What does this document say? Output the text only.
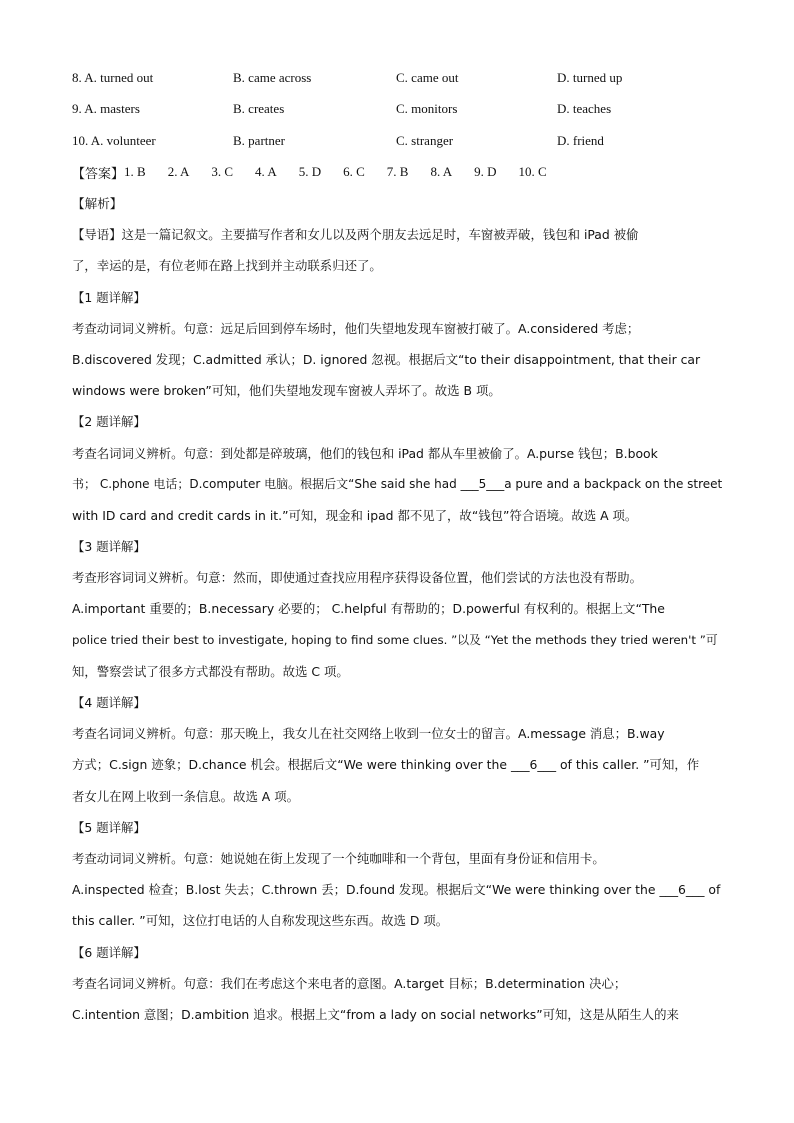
8. A. turned out	B. came across	C. came out	D. turned up
9. A. masters	B. creates	C. monitors	D. teaches
10. A. volunteer	B. partner	C. stranger	D. friend
【答案】 1. B 2. A 3. C 4. A 5. D 6. C 7. B 8. A 9. D 10. C
【解析】
【导语】这是一篇记叙文。主要描写作者和女儿以及两个朋友去远足时，车窗被弄破，钱包和 iPad 被偷
了，幸运的是，有位老师在路上找到并主动联系归还了。
【1 题详解】
考查动词词义辨析。句意：远足后回到停车场时，他们失望地发现车窗被打破了。A.considered 考虑；
B.discovered 发现；C.admitted 承认；D. ignored 忽视。根据后文“to their disappointment, that their car
windows were broken”可知，他们失望地发现车窗被人弄坏了。故选 B 项。
【2 题详解】
考查名词词义辨析。句意：到处都是碎玻璃，他们的钱包和 iPad 都从车里被偷了。A.purse 钱包；B.book
书； C.phone 电话；D.computer 电脑。根据后文“She said she had ___5___a pure and a backpack on the street
with ID card and credit cards in it.”可知，现金和 ipad 都不见了，故“钱包”符合语境。故选 A 项。
【3 题详解】
考查形容词词义辨析。句意：然而，即使通过查找应用程序获得设备位置，他们尝试的方法也没有帮助。
A.important 重要的；B.necessary 必要的； C.helpful 有帮助的；D.powerful 有权利的。根据上文“The
police tried their best to investigate, hoping to find some clues. ”以及 “Yet the methods they tried weren't ”可
知，警察尝试了很多方式都没有帮助。故选 C 项。
【4 题详解】
考查名词词义辨析。句意：那天晚上，我女儿在社交网络上收到一位女士的留言。A.message 消息；B.way
方式；C.sign 迹象；D.chance 机会。根据后文“We were thinking over the ___6___ of this caller. ”可知，作
者女儿在网上收到一条信息。故选 A 项。
【5 题详解】
考查动词词义辨析。句意：她说她在街上发现了一个纯咖啡和一个背包，里面有身份证和信用卡。
A.inspected 检查；B.lost 失去；C.thrown 丢；D.found 发现。根据后文“We were thinking over the ___6___ of
this caller. ”可知，这位打电话的人自称发现这些东西。故选 D 项。
【6 题详解】
考查名词词义辨析。句意：我们在考虑这个来电者的意图。A.target 目标；B.determination 决心；
C.intention 意图；D.ambition 追求。根据上文“from a lady on social networks”可知，这是从陌生人的来
